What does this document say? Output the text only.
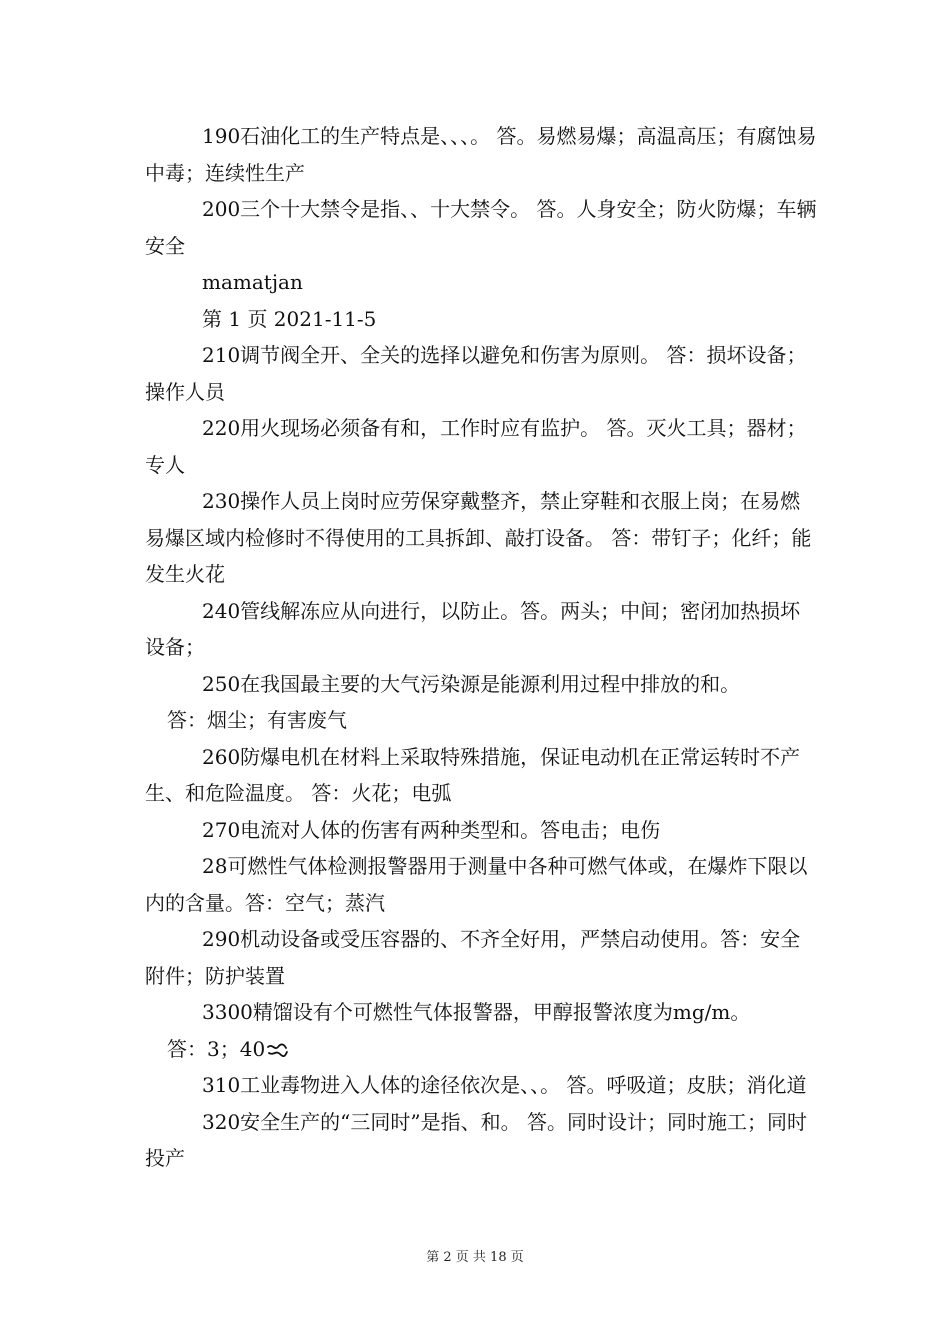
190石油化工的生产特点是、、、。 答。易燃易爆；高温高压；有腐蚀易中毒；连续性生产

200三个十大禁令是指、、十大禁令。 答。人身安全；防火防爆；车辆安全

mamatjan

第 1 页 2021-11-5

210调节阀全开、全关的选择以避免和伤害为原则。 答：损坏设备；操作人员

220用火现场必须备有和，工作时应有监护。 答。灭火工具；器材；专人

230操作人员上岗时应劳保穿戴整齐，禁止穿鞋和衣服上岗；在易燃易爆区域内检修时不得使用的工具拆卸、敲打设备。 答：带钉子；化纤；能发生火花

240管线解冻应从向进行，以防止。答。两头；中间；密闭加热损坏设备；

250在我国最主要的大气污染源是能源利用过程中排放的和。

答：烟尘；有害废气

260防爆电机在材料上采取特殊措施，保证电动机在正常运转时不产生、和危险温度。 答：火花；电弧

270电流对人体的伤害有两种类型和。答电击；电伤

28可燃性气体检测报警器用于测量中各种可燃气体或，在爆炸下限以内的含量。答：空气；蒸汽

290机动设备或受压容器的、不齐全好用，严禁启动使用。答：安全附件；防护装置

3300精馏设有个可燃性气体报警器，甲醇报警浓度为mg/m。

答：3；40

310工业毒物进入人体的途径依次是、、。 答。呼吸道；皮肤；消化道

320安全生产的“三同时”是指、和。 答。同时设计；同时施工；同时投产

第 2 页 共 18 页
